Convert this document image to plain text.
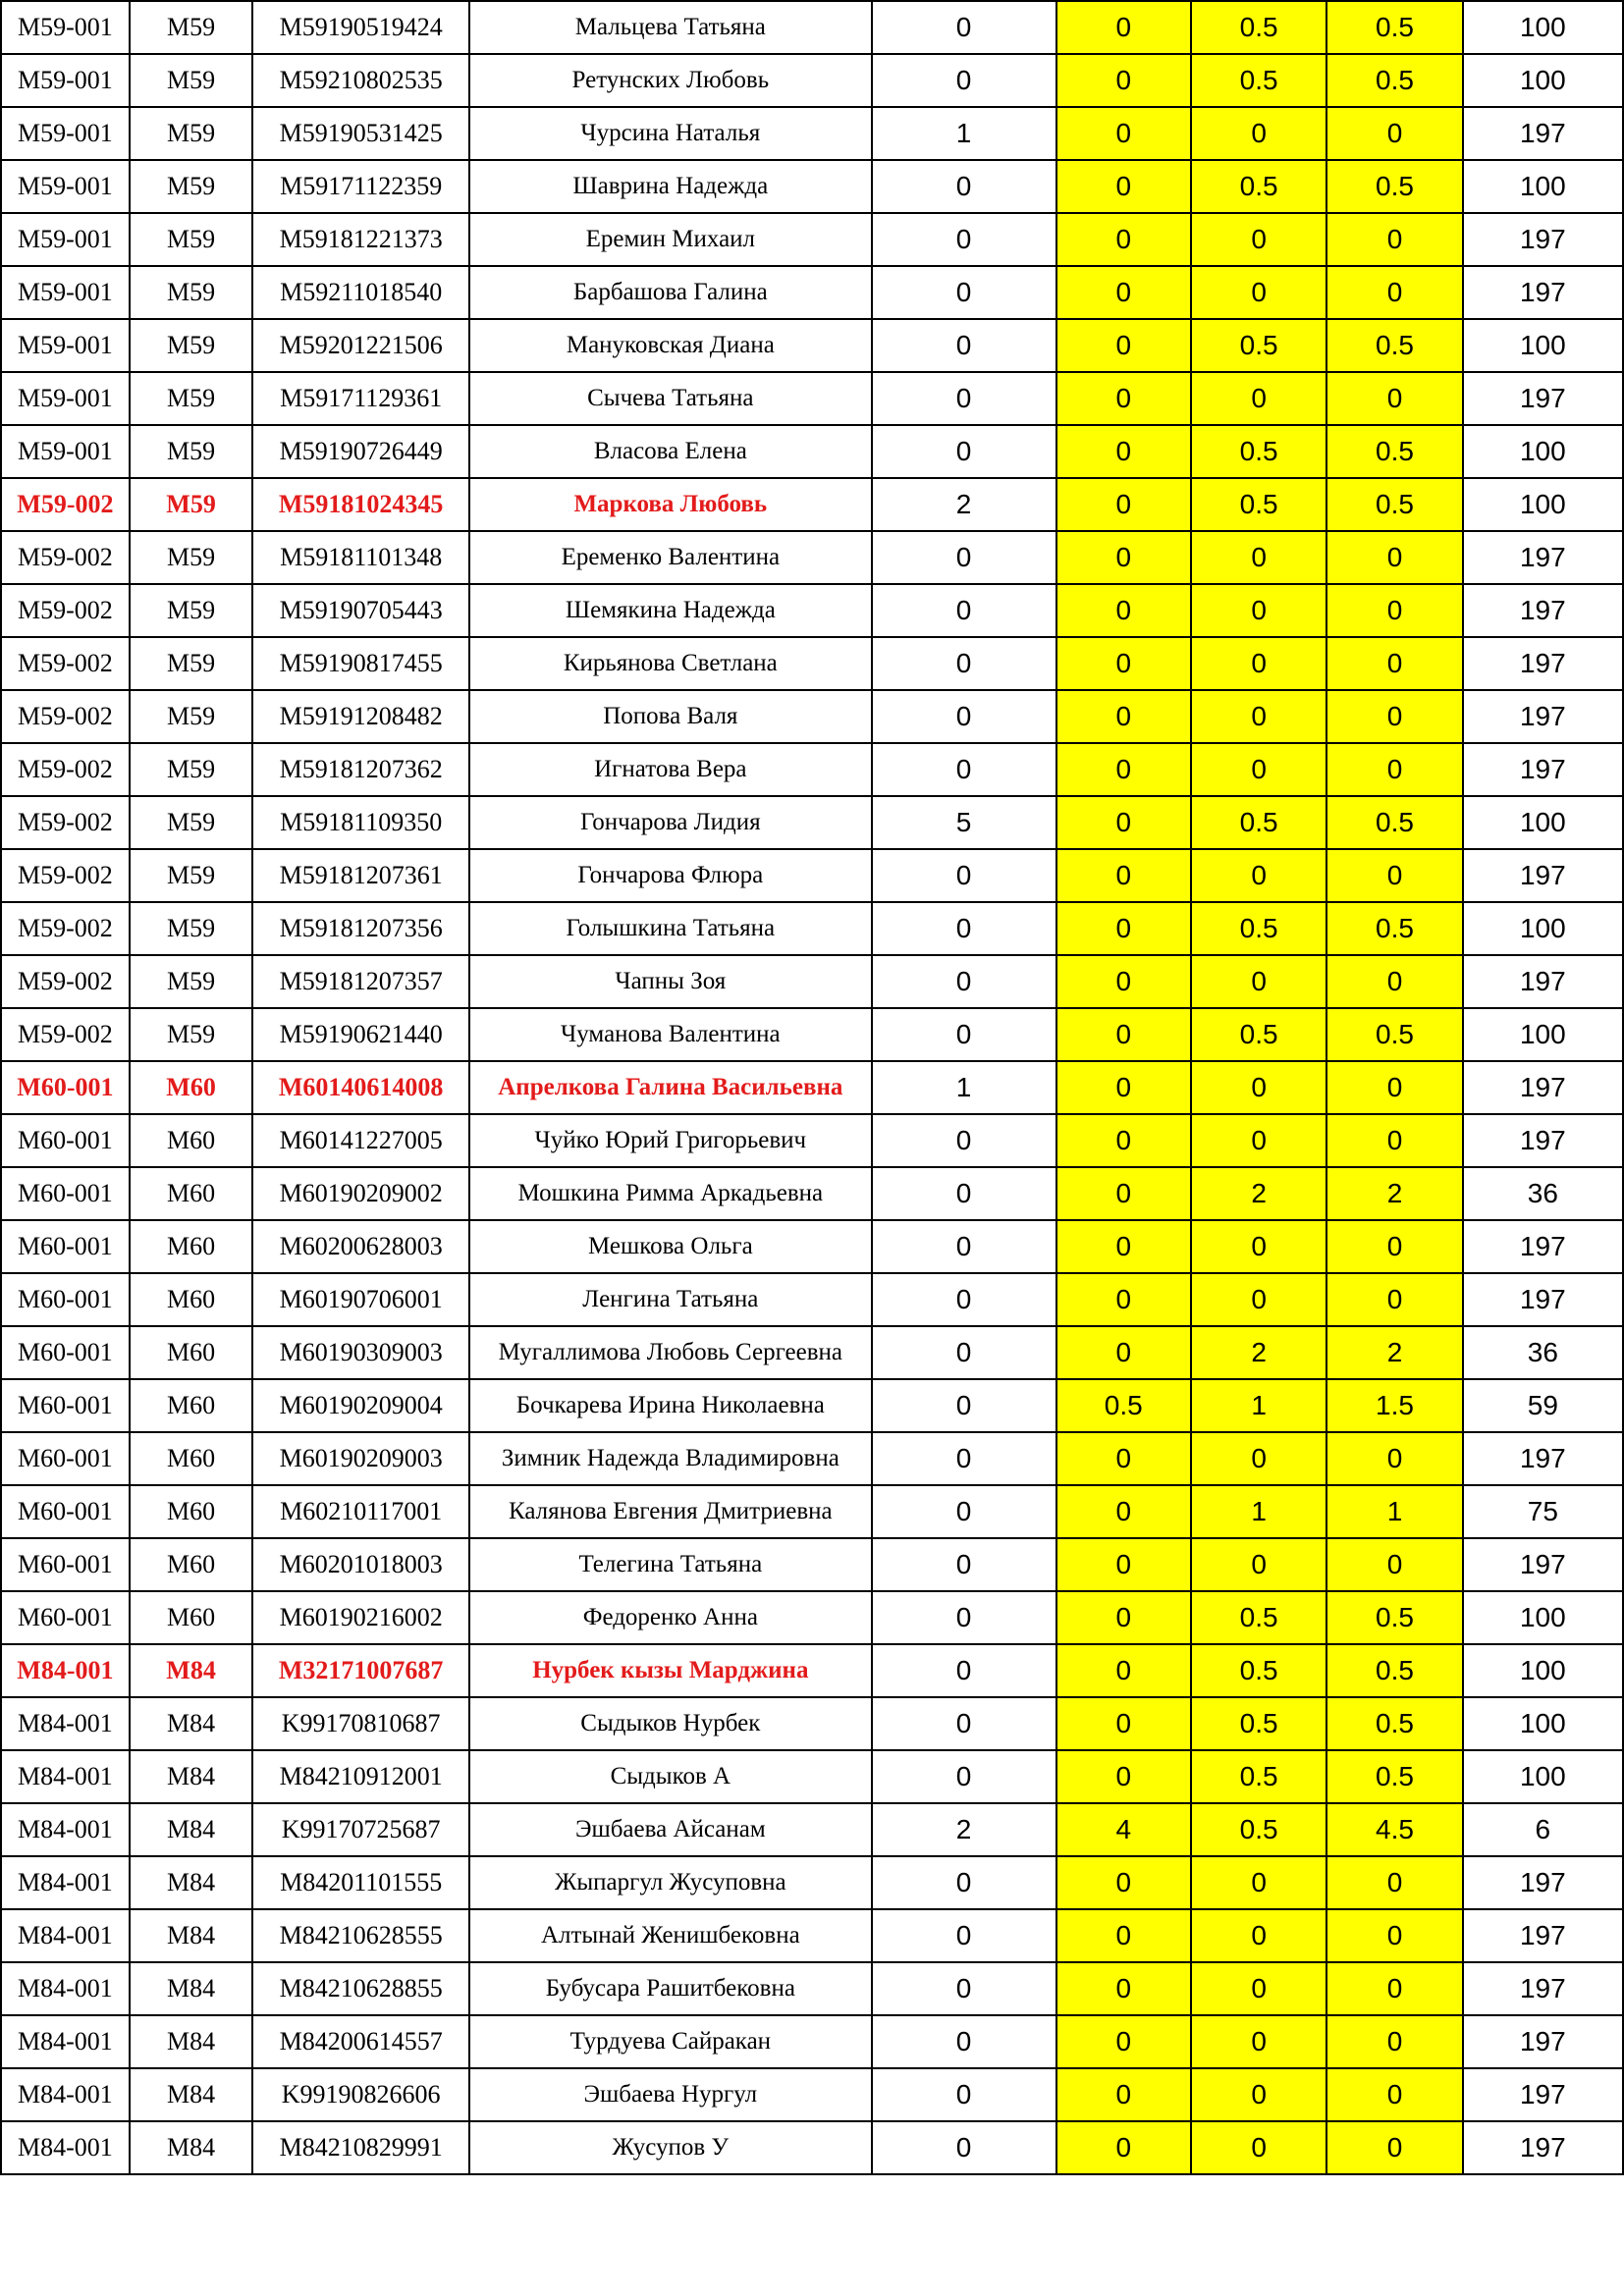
M59-001	M59	M59190519424	Мальцева Татьяна	0	0	0.5	0.5	100
M59-001	M59	M59210802535	Ретунских Любовь	0	0	0.5	0.5	100
M59-001	M59	M59190531425	Чурсина Наталья	1	0	0	0	197
M59-001	M59	M59171122359	Шаврина Надежда	0	0	0.5	0.5	100
M59-001	M59	M59181221373	Еремин Михаил	0	0	0	0	197
M59-001	M59	M59211018540	Барбашова Галина	0	0	0	0	197
M59-001	M59	M59201221506	Мануковская Диана	0	0	0.5	0.5	100
M59-001	M59	M59171129361	Сычева Татьяна	0	0	0	0	197
M59-001	M59	M59190726449	Власова Елена	0	0	0.5	0.5	100
M59-002	M59	M59181024345	Маркова Любовь	2	0	0.5	0.5	100
M59-002	M59	M59181101348	Еременко Валентина	0	0	0	0	197
M59-002	M59	M59190705443	Шемякина Надежда	0	0	0	0	197
M59-002	M59	M59190817455	Кирьянова Светлана	0	0	0	0	197
M59-002	M59	M59191208482	Попова Валя	0	0	0	0	197
M59-002	M59	M59181207362	Игнатова Вера	0	0	0	0	197
M59-002	M59	M59181109350	Гончарова Лидия	5	0	0.5	0.5	100
M59-002	M59	M59181207361	Гончарова Флюра	0	0	0	0	197
M59-002	M59	M59181207356	Голышкина Татьяна	0	0	0.5	0.5	100
M59-002	M59	M59181207357	Чапны Зоя	0	0	0	0	197
M59-002	M59	M59190621440	Чуманова Валентина	0	0	0.5	0.5	100
M60-001	M60	M60140614008	Апрелкова Галина Васильевна	1	0	0	0	197
M60-001	M60	M60141227005	Чуйко Юрий Григорьевич	0	0	0	0	197
M60-001	M60	M60190209002	Мошкина Римма Аркадьевна	0	0	2	2	36
M60-001	M60	M60200628003	Мешкова Ольга	0	0	0	0	197
M60-001	M60	M60190706001	Ленгина Татьяна	0	0	0	0	197
M60-001	M60	M60190309003	Мугаллимова Любовь Сергеевна	0	0	2	2	36
M60-001	M60	M60190209004	Бочкарева Ирина Николаевна	0	0.5	1	1.5	59
M60-001	M60	M60190209003	Зимник Надежда Владимировна	0	0	0	0	197
M60-001	M60	M60210117001	Калянова Евгения Дмитриевна	0	0	1	1	75
M60-001	M60	M60201018003	Телегина Татьяна	0	0	0	0	197
M60-001	M60	M60190216002	Федоренко Анна	0	0	0.5	0.5	100
M84-001	M84	M32171007687	Нурбек кызы Марджина	0	0	0.5	0.5	100
M84-001	M84	K99170810687	Сыдыков Нурбек	0	0	0.5	0.5	100
M84-001	M84	M84210912001	Сыдыков А	0	0	0.5	0.5	100
M84-001	M84	K99170725687	Эшбаева Айсанам	2	4	0.5	4.5	6
M84-001	M84	M84201101555	Жыпаргул Жусуповна	0	0	0	0	197
M84-001	M84	M84210628555	Алтынай Женишбековна	0	0	0	0	197
M84-001	M84	M84210628855	Бубусара Рашитбековна	0	0	0	0	197
M84-001	M84	M84200614557	Турдуева Сайракан	0	0	0	0	197
M84-001	M84	K99190826606	Эшбаева Нургул	0	0	0	0	197
M84-001	M84	M84210829991	Жусупов У	0	0	0	0	197
